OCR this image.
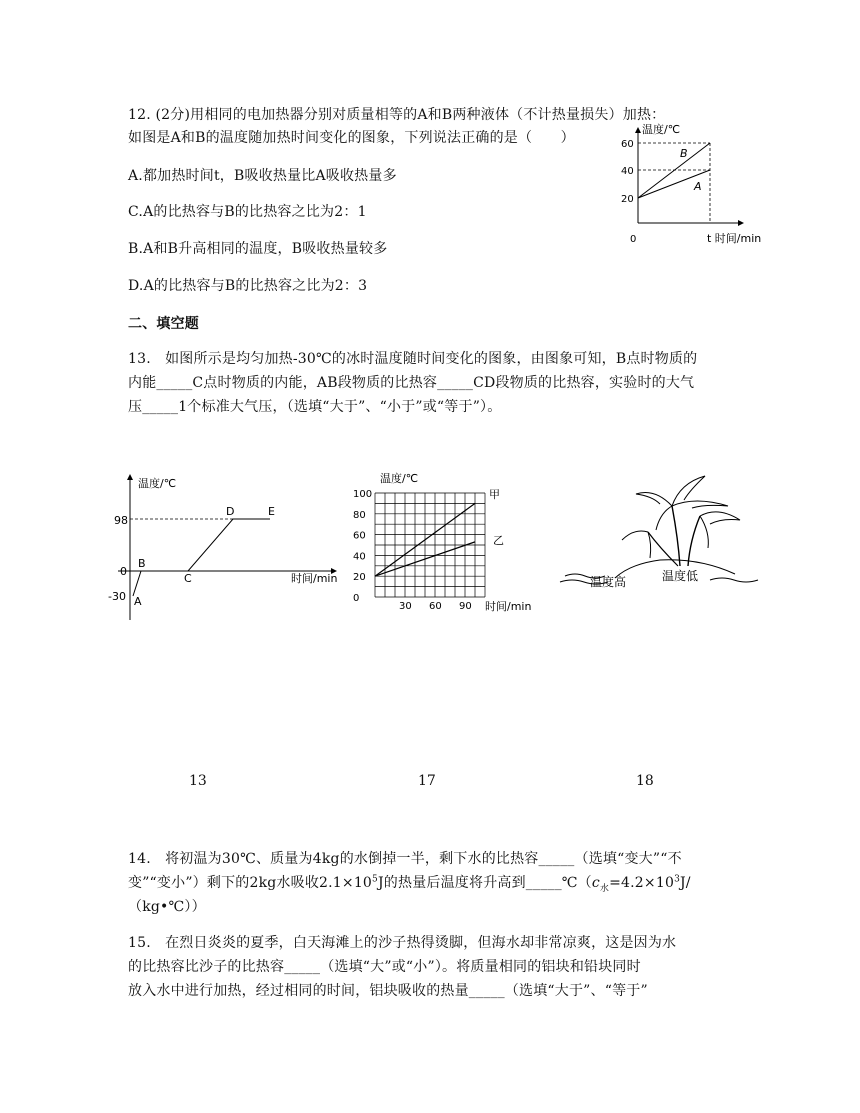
12. (2分)用相同的电加热器分别对质量相等的A和B两种液体（不计热量损失）加热：
如图是A和B的温度随加热时间变化的图象，下列说法正确的是（　　）
A.都加热时间t，B吸收热量比A吸收热量多
C.A的比热容与B的比热容之比为2：1
B.A和B升高相同的温度，B吸收热量较多
D.A的比热容与B的比热容之比为2：3
温度/℃
60
40
20
0	t 时间/min
B
A
二、填空题
13.　如图所示是均匀加热-30℃的冰时温度随时间变化的图象，由图象可知，B点时物质的
内能_____C点时物质的内能，AB段物质的比热容_____CD段物质的比热容，实验时的大气
压_____1个标准大气压，（选填“大于”、“小于”或“等于”）。
温度/℃
98
0
-30 A
B
C
D	E
时间/min
温度/℃
甲
乙
时间/min
100
80
60
40
20
0
30 60 90
温度高	温度低
13	17	18
14.　将初温为30℃、质量为4kg的水倒掉一半，剩下水的比热容_____（选填“变大”“不
变”“变小”）剩下的2kg水吸收$2.1\times 10^5J$的热量后温度将升高到$\_\_\_\_\_℃(c_水=4.2\times 10^3J/$
（kg•℃））
15.　在烈日炎炎的夏季，白天海滩上的沙子热得烫脚，但海水却非常凉爽，这是因为水
的比热容比沙子的比热容_____（选填“大”或“小”）。将质量相同的铝块和铅块同时
放入水中进行加热，经过相同的时间，铝块吸收的热量_____（选填“大于”、“等于”
